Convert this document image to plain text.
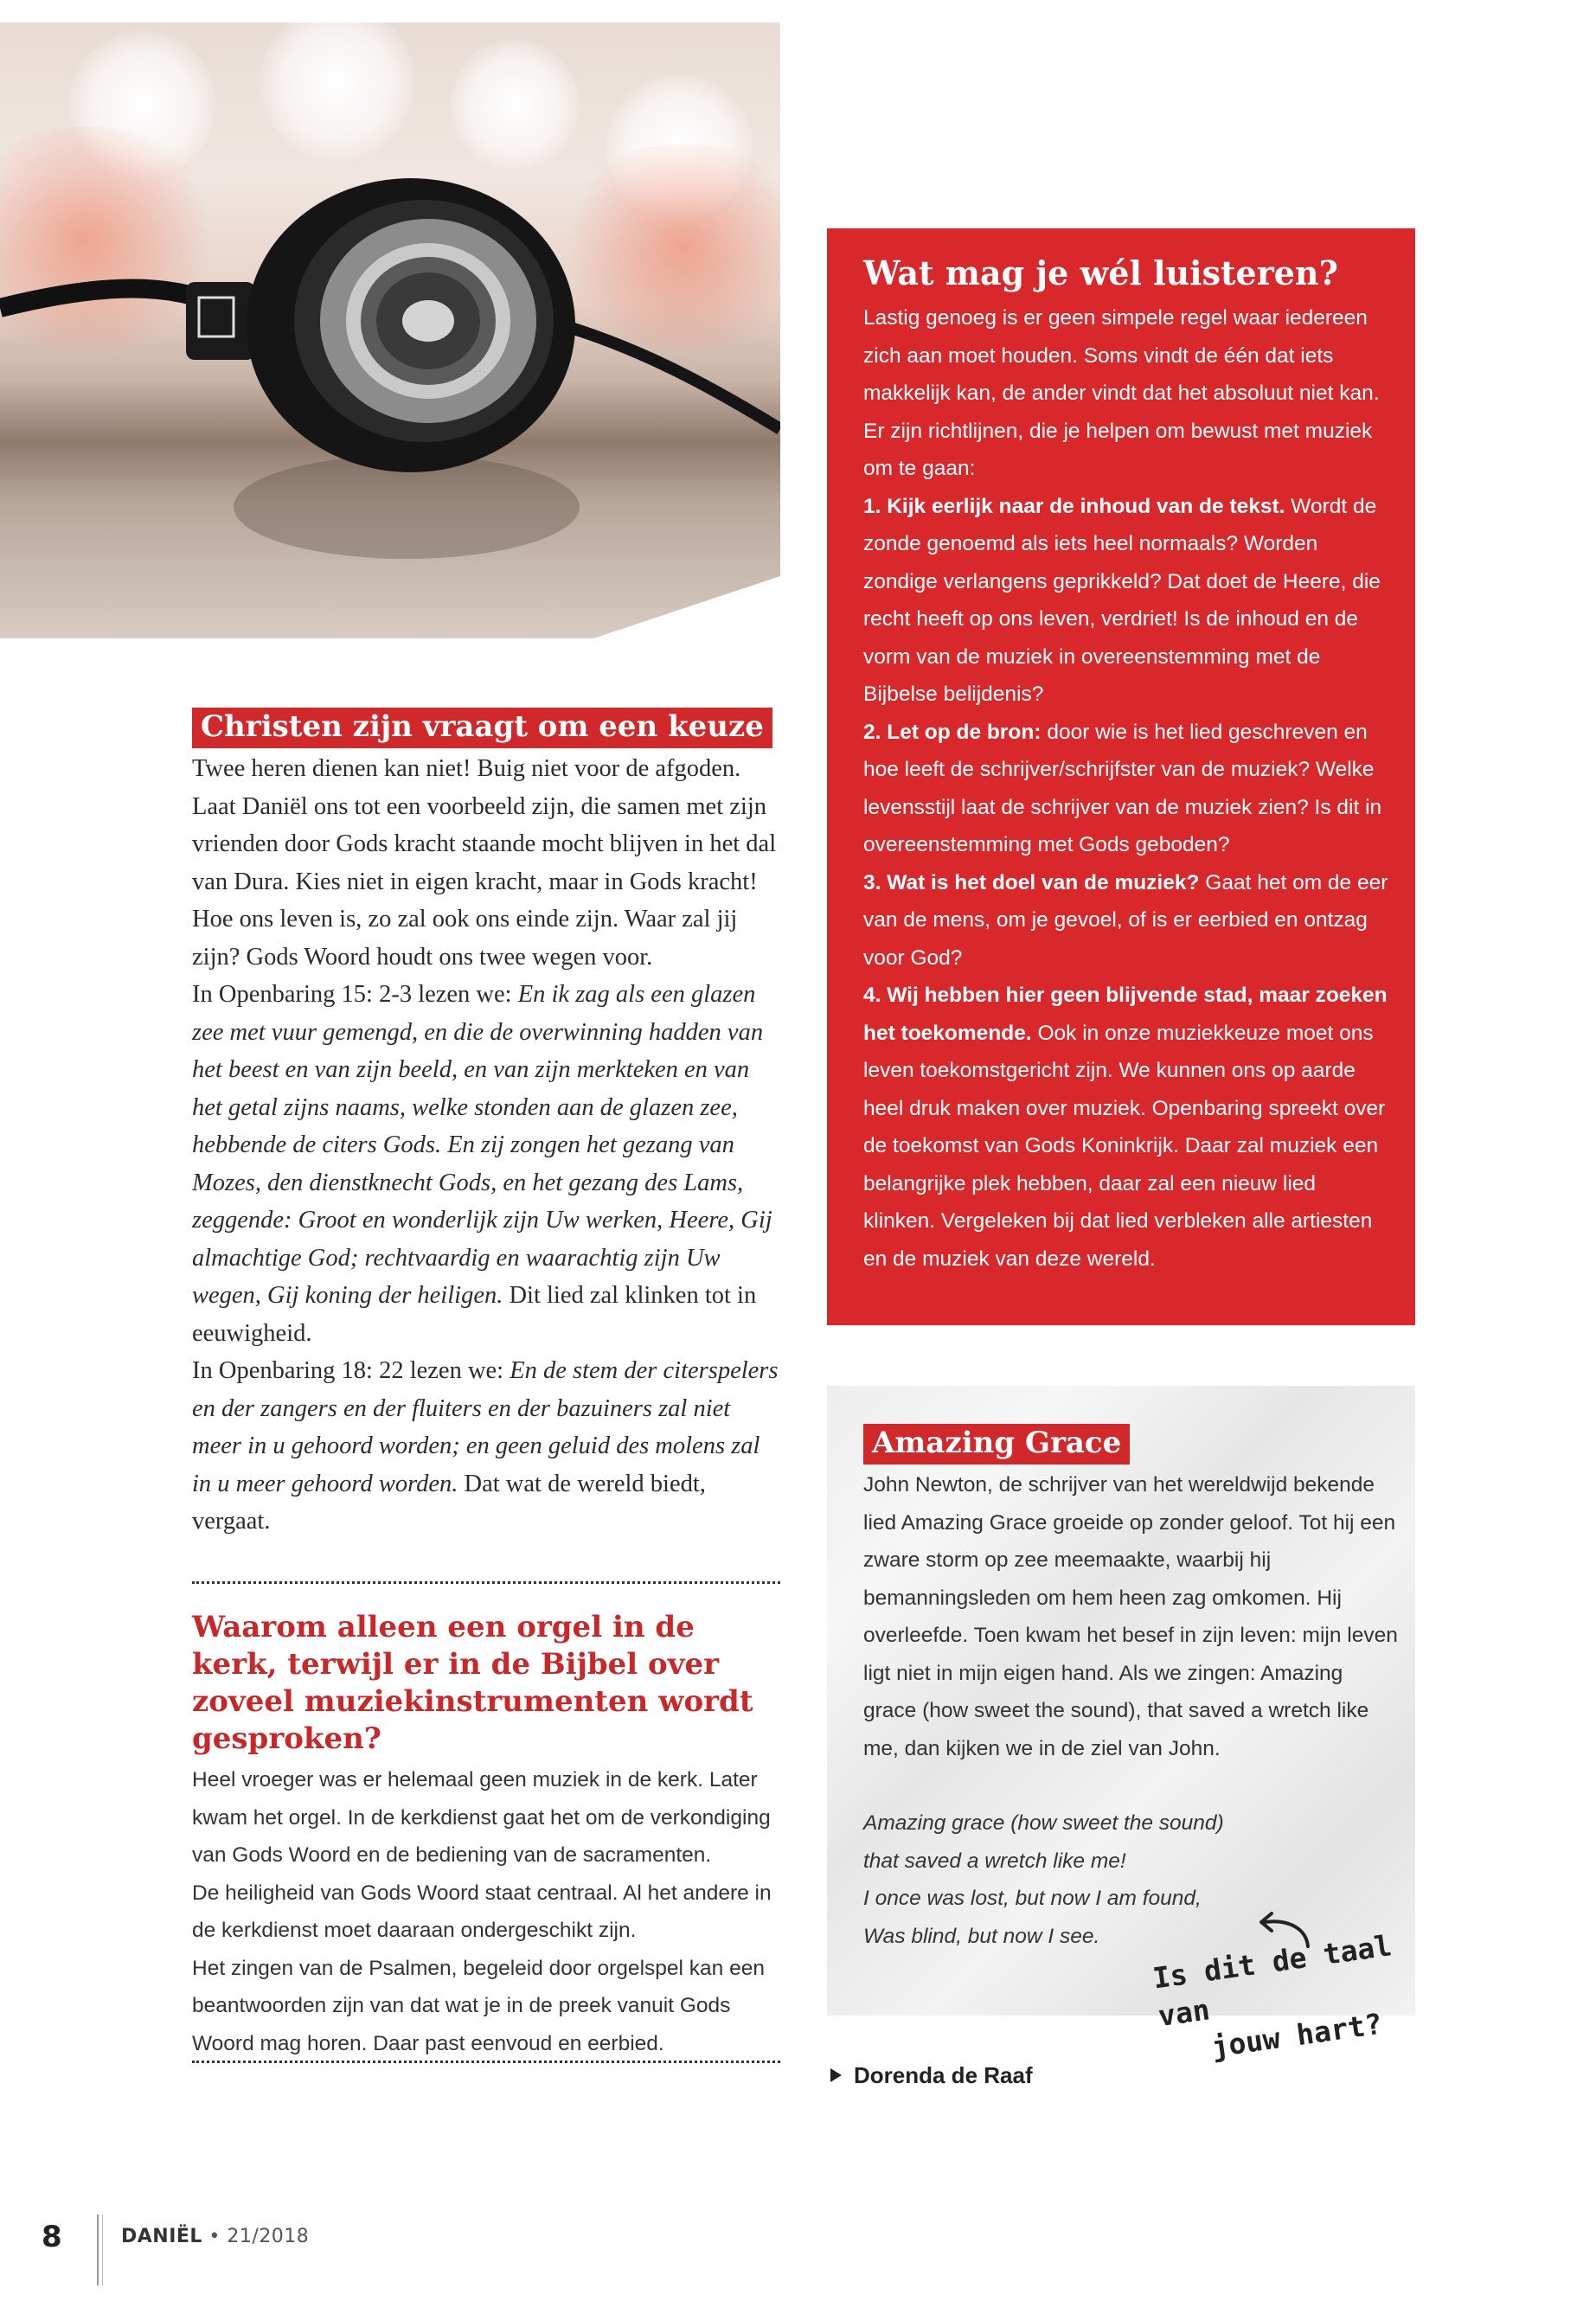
Christen zijn vraagt om een keuze

Twee heren dienen kan niet! Buig niet voor de afgoden. Laat Daniël ons tot een voorbeeld zijn, die samen met zijn vrienden door Gods kracht staande mocht blijven in het dal van Dura. Kies niet in eigen kracht, maar in Gods kracht! Hoe ons leven is, zo zal ook ons einde zijn. Waar zal jij zijn? Gods Woord houdt ons twee wegen voor.

In Openbaring 15: 2-3 lezen we: En ik zag als een glazen zee met vuur gemengd, en die de overwinning hadden van het beest en van zijn beeld, en van zijn merkteken en van het getal zijns naams, welke stonden aan de glazen zee, hebbende de citers Gods. En zij zongen het gezang van Mozes, den dienstknecht Gods, en het gezang des Lams, zeggende: Groot en wonderlijk zijn Uw werken, Heere, Gij almachtige God; rechtvaardig en waarachtig zijn Uw wegen, Gij koning der heiligen. Dit lied zal klinken tot in eeuwigheid.

In Openbaring 18: 22 lezen we: En de stem der citerspelers en der zangers en der fluiters en der bazuiners zal niet meer in u gehoord worden; en geen geluid des molens zal in u meer gehoord worden. Dat wat de wereld biedt, vergaat.

Waarom alleen een orgel in de kerk, terwijl er in de Bijbel over zoveel muziekinstrumenten wordt gesproken?

Heel vroeger was er helemaal geen muziek in de kerk. Later kwam het orgel. In de kerkdienst gaat het om de verkondiging van Gods Woord en de bediening van de sacramenten.

De heiligheid van Gods Woord staat centraal. Al het andere in de kerkdienst moet daaraan ondergeschikt zijn.

Het zingen van de Psalmen, begeleid door orgelspel kan een beantwoorden zijn van dat wat je in de preek vanuit Gods Woord mag horen. Daar past eenvoud en eerbied.

Wat mag je wél luisteren?

Lastig genoeg is er geen simpele regel waar iedereen zich aan moet houden. Soms vindt de één dat iets makkelijk kan, de ander vindt dat het absoluut niet kan. Er zijn richtlijnen, die je helpen om bewust met muziek om te gaan:

1. Kijk eerlijk naar de inhoud van de tekst. Wordt de zonde genoemd als iets heel normaals? Worden zondige verlangens geprikkeld? Dat doet de Heere, die recht heeft op ons leven, verdriet! Is de inhoud en de vorm van de muziek in overeenstemming met de Bijbelse belijdenis?

2. Let op de bron: door wie is het lied geschreven en hoe leeft de schrijver/schrijfster van de muziek? Welke levensstijl laat de schrijver van de muziek zien? Is dit in overeenstemming met Gods geboden?

3. Wat is het doel van de muziek? Gaat het om de eer van de mens, om je gevoel, of is er eerbied en ontzag voor God?

4. Wij hebben hier geen blijvende stad, maar zoeken het toekomende. Ook in onze muziekkeuze moet ons leven toekomstgericht zijn. We kunnen ons op aarde heel druk maken over muziek. Openbaring spreekt over de toekomst van Gods Koninkrijk. Daar zal muziek een belangrijke plek hebben, daar zal een nieuw lied klinken. Vergeleken bij dat lied verbleken alle artiesten en de muziek van deze wereld.

Amazing Grace

John Newton, de schrijver van het wereldwijd bekende lied Amazing Grace groeide op zonder geloof. Tot hij een zware storm op zee meemaakte, waarbij hij bemanningsleden om hem heen zag omkomen. Hij overleefde. Toen kwam het besef in zijn leven: mijn leven ligt niet in mijn eigen hand. Als we zingen: Amazing grace (how sweet the sound), that saved a wretch like me, dan kijken we in de ziel van John.

Amazing grace (how sweet the sound)

that saved a wretch like me!

I once was lost, but now I am found,

Was blind, but now I see.	Is dit de taal van
jouw hart?
Dorenda de Raaf
8	DANIËL • 21/2018
